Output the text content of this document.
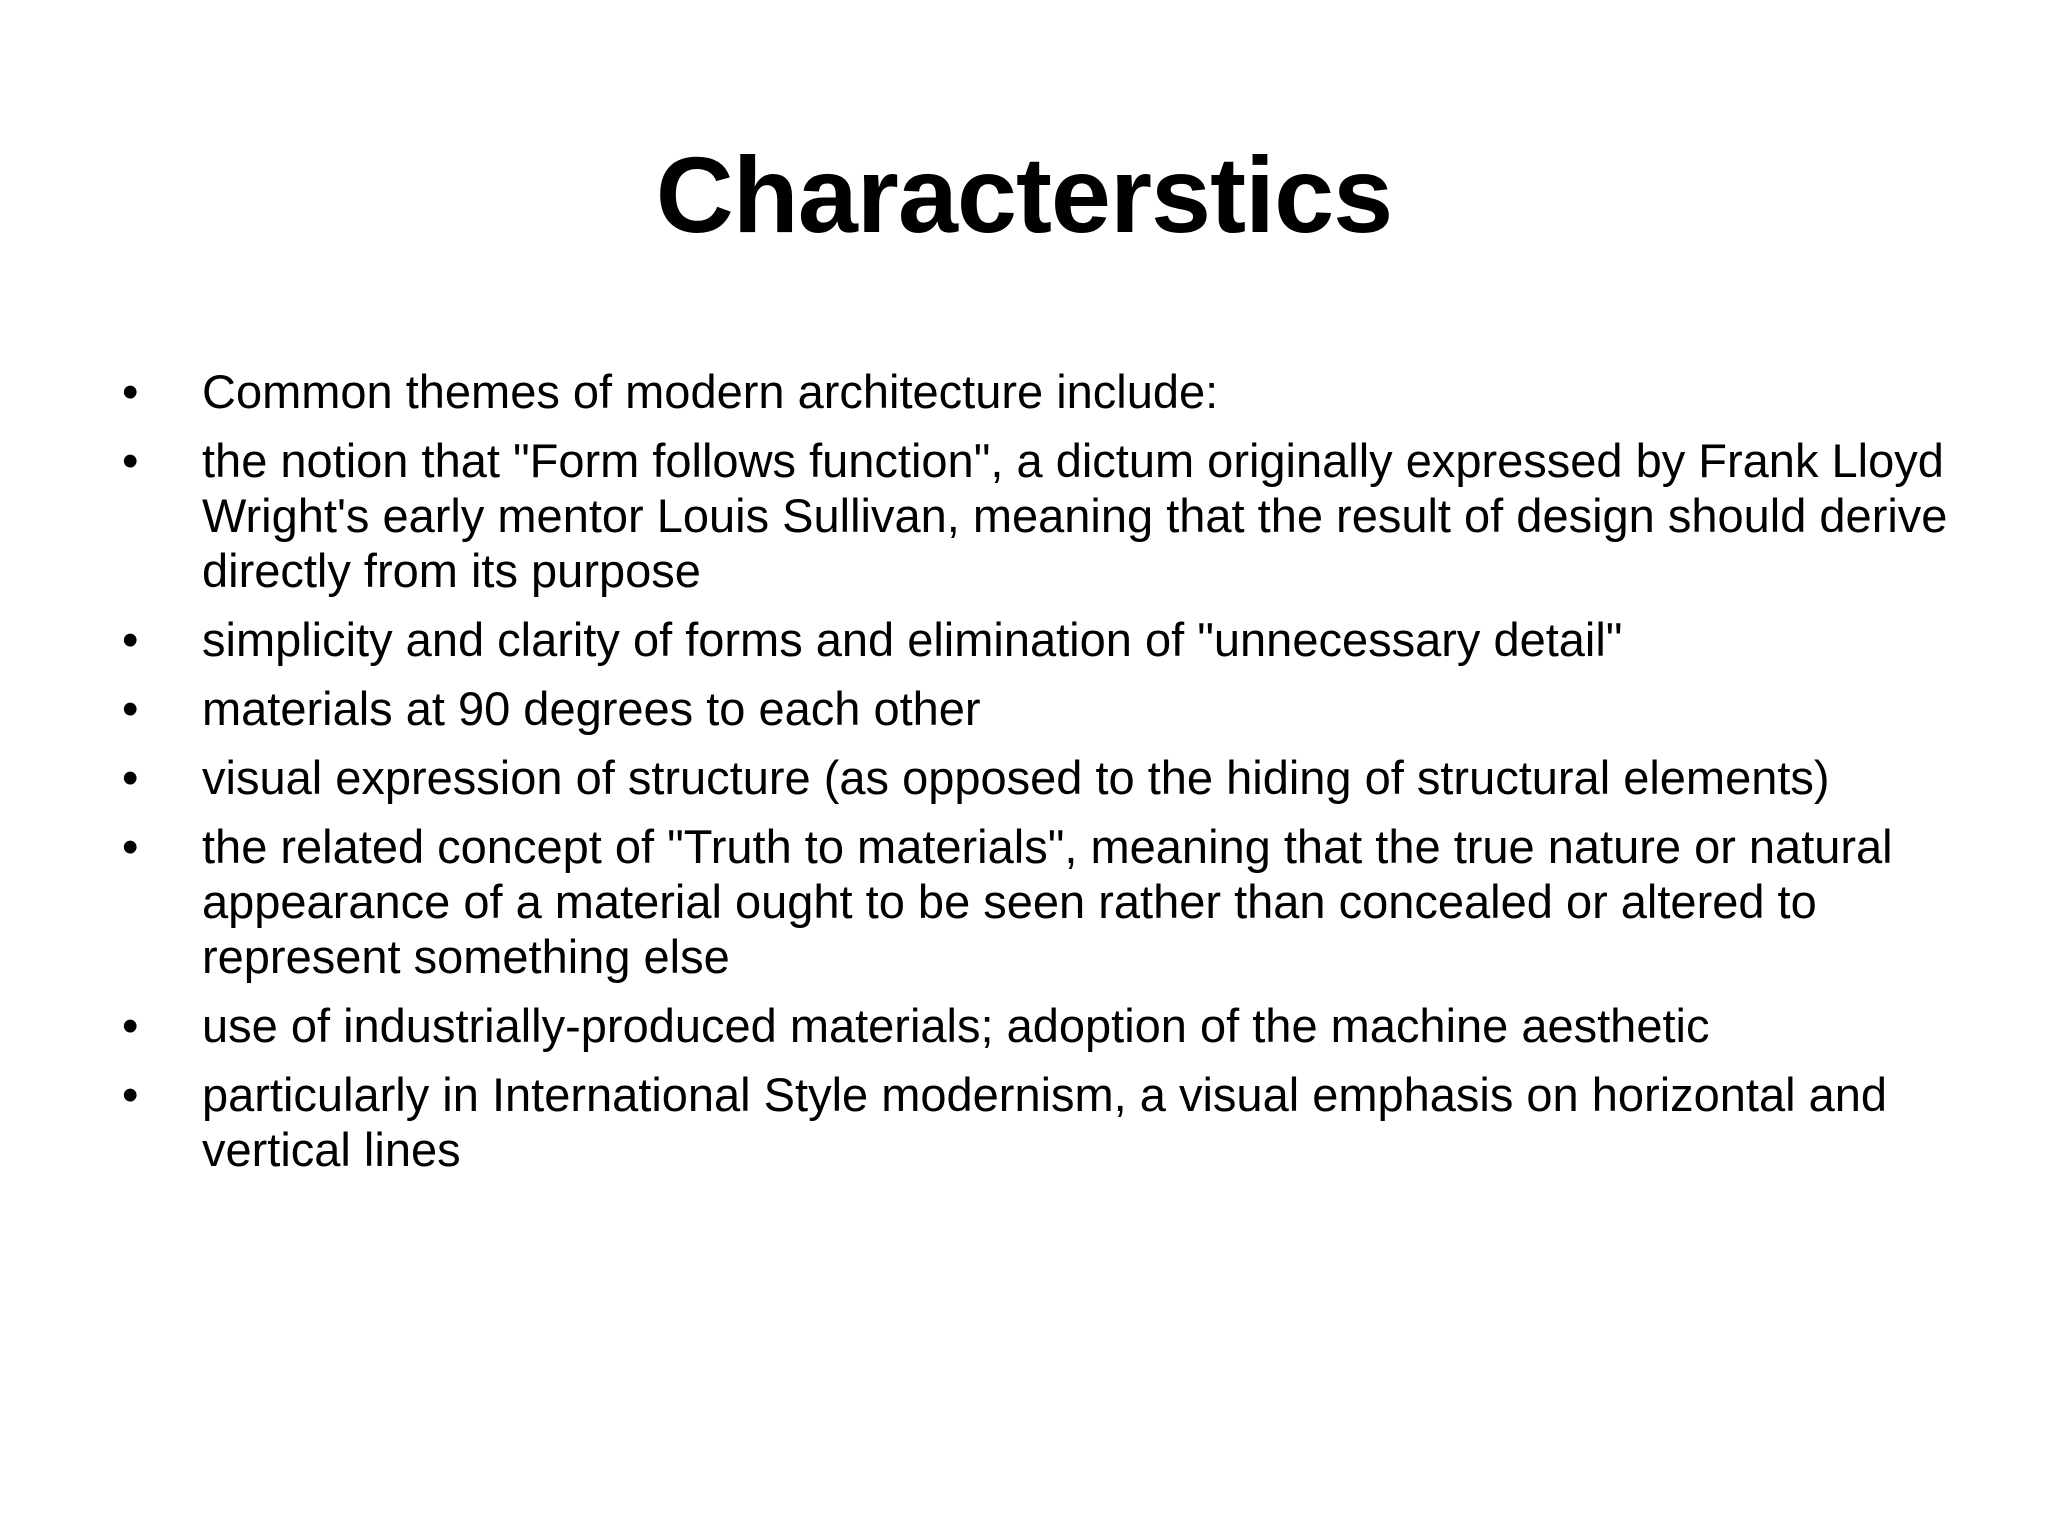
Characterstics
•	Common themes of modern architecture include:
•	the notion that "Form follows function", a dictum originally expressed by Frank Lloyd Wright's early mentor Louis Sullivan, meaning that the result of design should derive directly from its purpose
•	simplicity and clarity of forms and elimination of "unnecessary detail"
•	materials at 90 degrees to each other
•	visual expression of structure (as opposed to the hiding of structural elements)
•	the related concept of "Truth to materials", meaning that the true nature or natural appearance of a material ought to be seen rather than concealed or altered to represent something else
•	use of industrially-produced materials; adoption of the machine aesthetic
•	particularly in International Style modernism, a visual emphasis on horizontal and vertical lines
